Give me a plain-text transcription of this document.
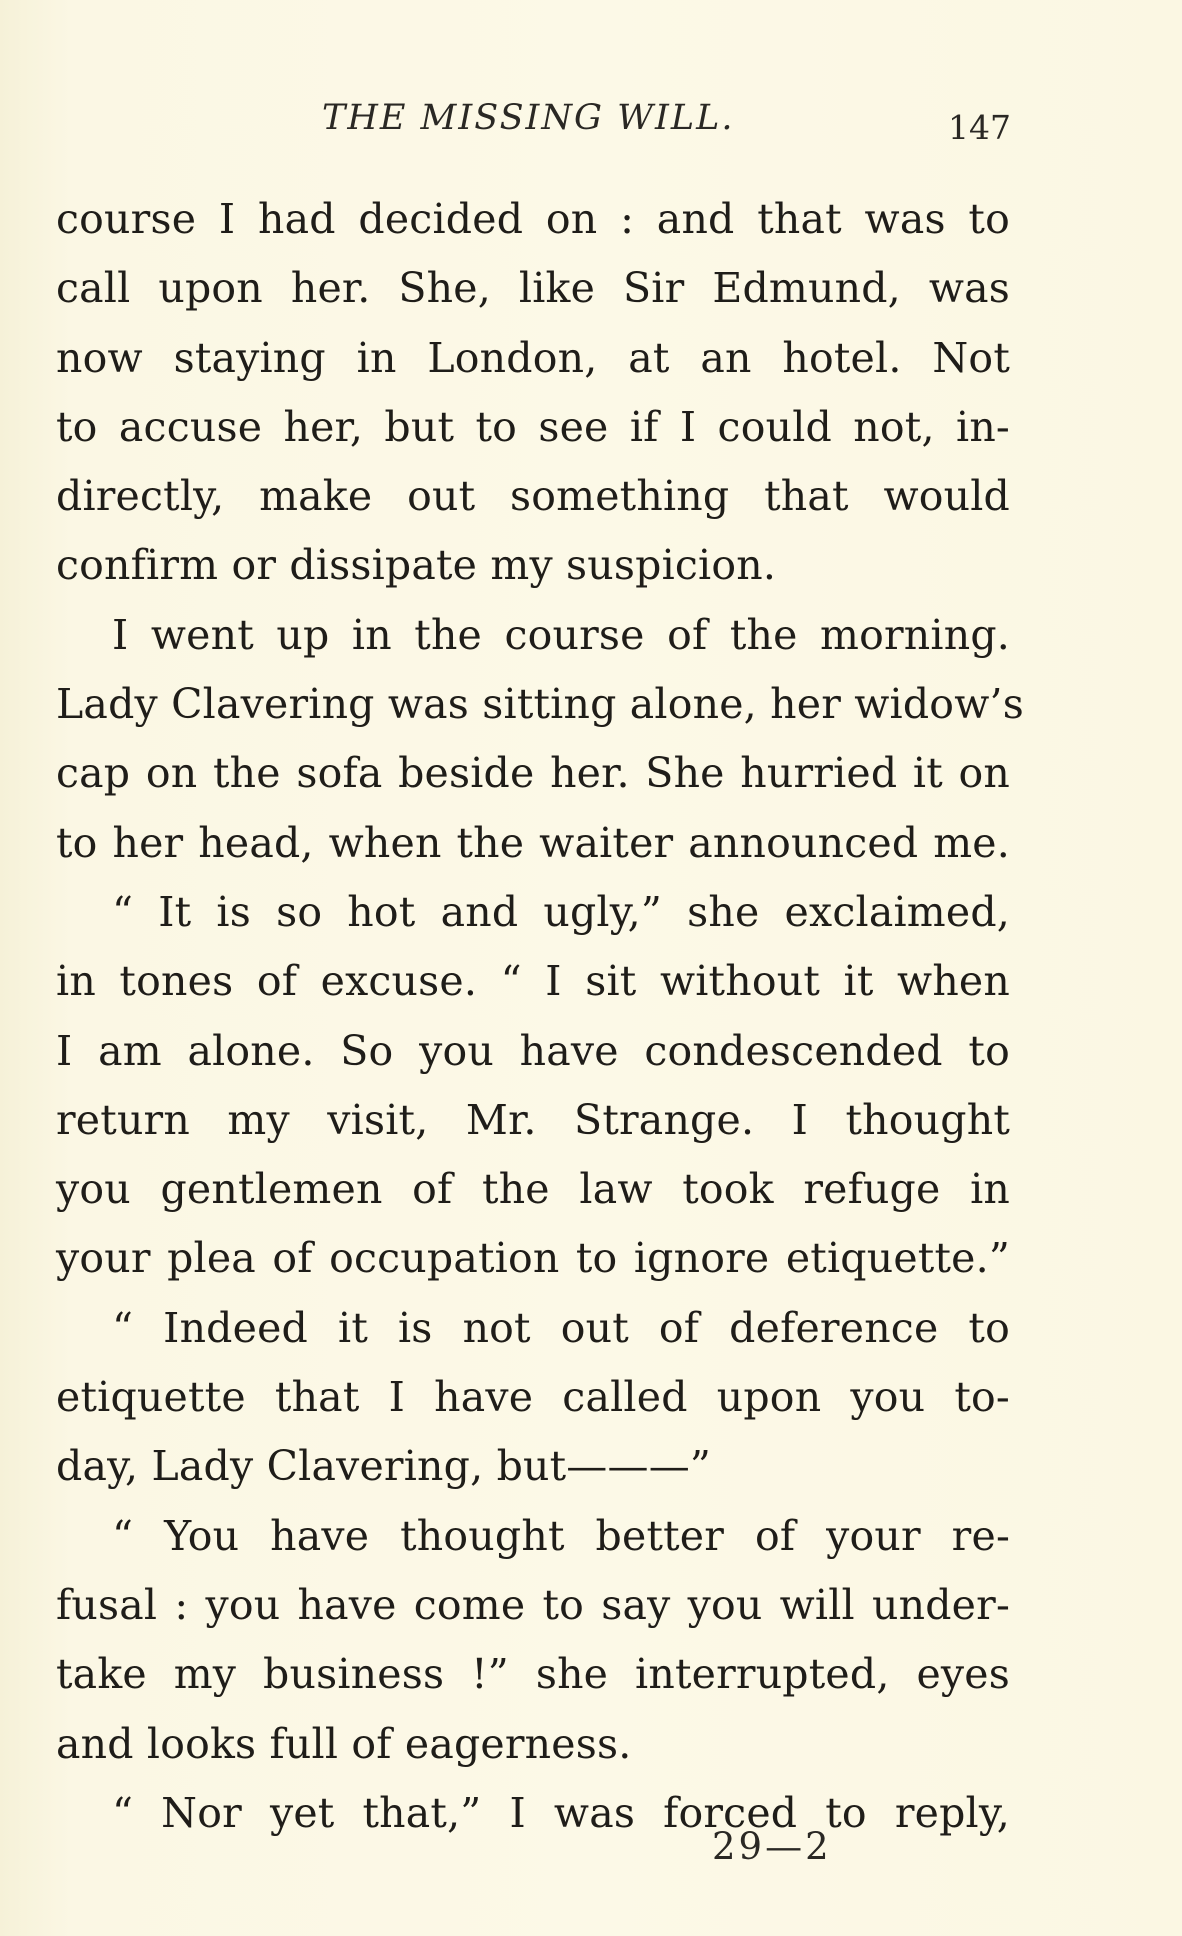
THE MISSING WILL.	147
course I had decided on : and that was to
call upon her. She, like Sir Edmund, was
now staying in London, at an hotel. Not
to accuse her, but to see if I could not, in-
directly, make out something that would
confirm or dissipate my suspicion.
I went up in the course of the morning.
Lady Clavering was sitting alone, her widow’s
cap on the sofa beside her. She hurried it on
to her head, when the waiter announced me.
“ It is so hot and ugly,” she exclaimed,
in tones of excuse. “ I sit without it when
I am alone. So you have condescended to
return my visit, Mr. Strange. I thought
you gentlemen of the law took refuge in
your plea of occupation to ignore etiquette.”
“ Indeed it is not out of deference to
etiquette that I have called upon you to-
day, Lady Clavering, but———”
“ You have thought better of your re-
fusal : you have come to say you will under-
take my business !” she interrupted, eyes
and looks full of eagerness.
“ Nor yet that,” I was forced to reply,
29—2
